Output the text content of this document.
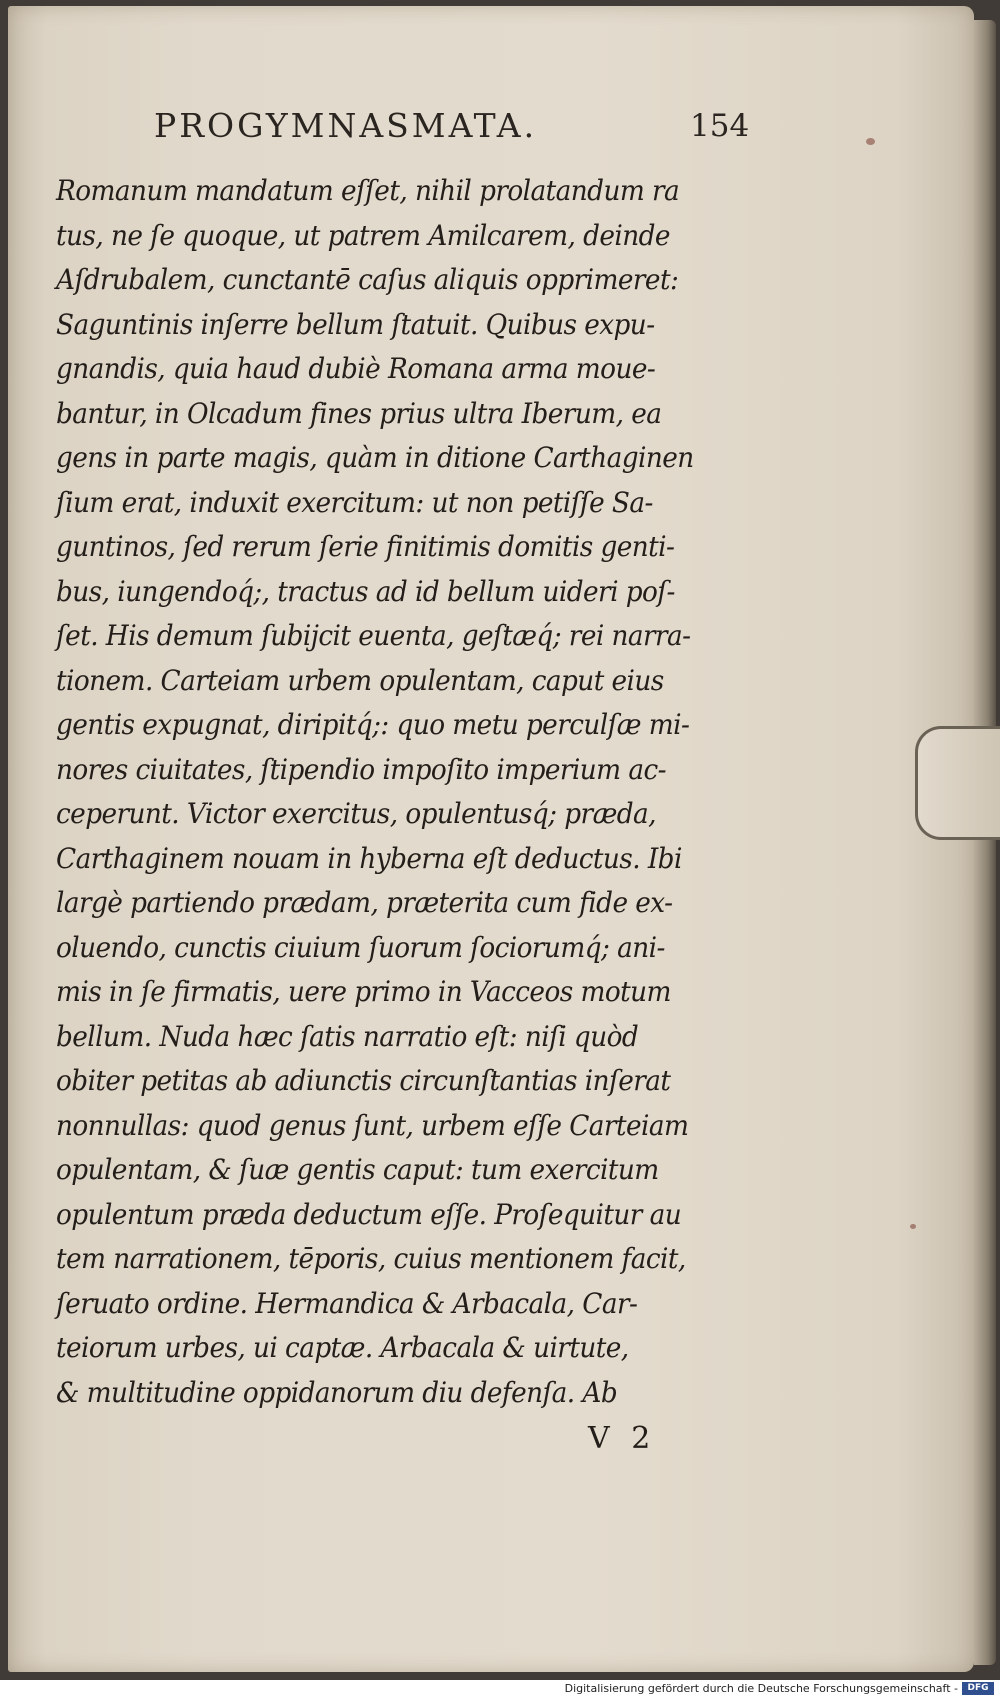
PROGYMNASMATA.	154
Romanum mandatum eſſet, nihil prolatandum ra
tus, ne ſe quoque, ut patrem Amilcarem, deinde
Aſdrubalem, cunctantē caſus aliquis opprimeret:
Saguntinis inſerre bellum ſtatuit. Quibus expu-
gnandis, quia haud dubiè Romana arma moue-
bantur, in Olcadum fines prius ultra Iberum, ea
gens in parte magis, quàm in ditione Carthaginen
ſium erat, induxit exercitum: ut non petiſſe Sa-
guntinos, ſed rerum ſerie finitimis domitis genti-
bus, iungendoq́;, tractus ad id bellum uideri poſ-
ſet. His demum ſubijcit euenta, geſtæq́; rei narra-
tionem. Carteiam urbem opulentam, caput eius
gentis expugnat, diripitq́;: quo metu perculſæ mi-
nores ciuitates, ſtipendio impoſito imperium ac-
ceperunt. Victor exercitus, opulentusq́; præda,
Carthaginem nouam in hyberna eſt deductus. Ibi
largè partiendo prædam, præterita cum fide ex-
oluendo, cunctis ciuium ſuorum ſociorumq́; ani-
mis in ſe firmatis, uere primo in Vacceos motum
bellum. Nuda hæc ſatis narratio eſt: niſi quòd
obiter petitas ab adiunctis circunſtantias inſerat
nonnullas: quod genus ſunt, urbem eſſe Carteiam
opulentam, & ſuæ gentis caput: tum exercitum
opulentum præda deductum eſſe. Proſequitur au
tem narrationem, tēporis, cuius mentionem facit,
ſeruato ordine. Hermandica & Arbacala, Car-
teiorum urbes, ui captæ. Arbacala & uirtute,
& multitudine oppidanorum diu defenſa. Ab
V 2
Digitalisierung gefördert durch die Deutsche Forschungsgemeinschaft -	DFG
